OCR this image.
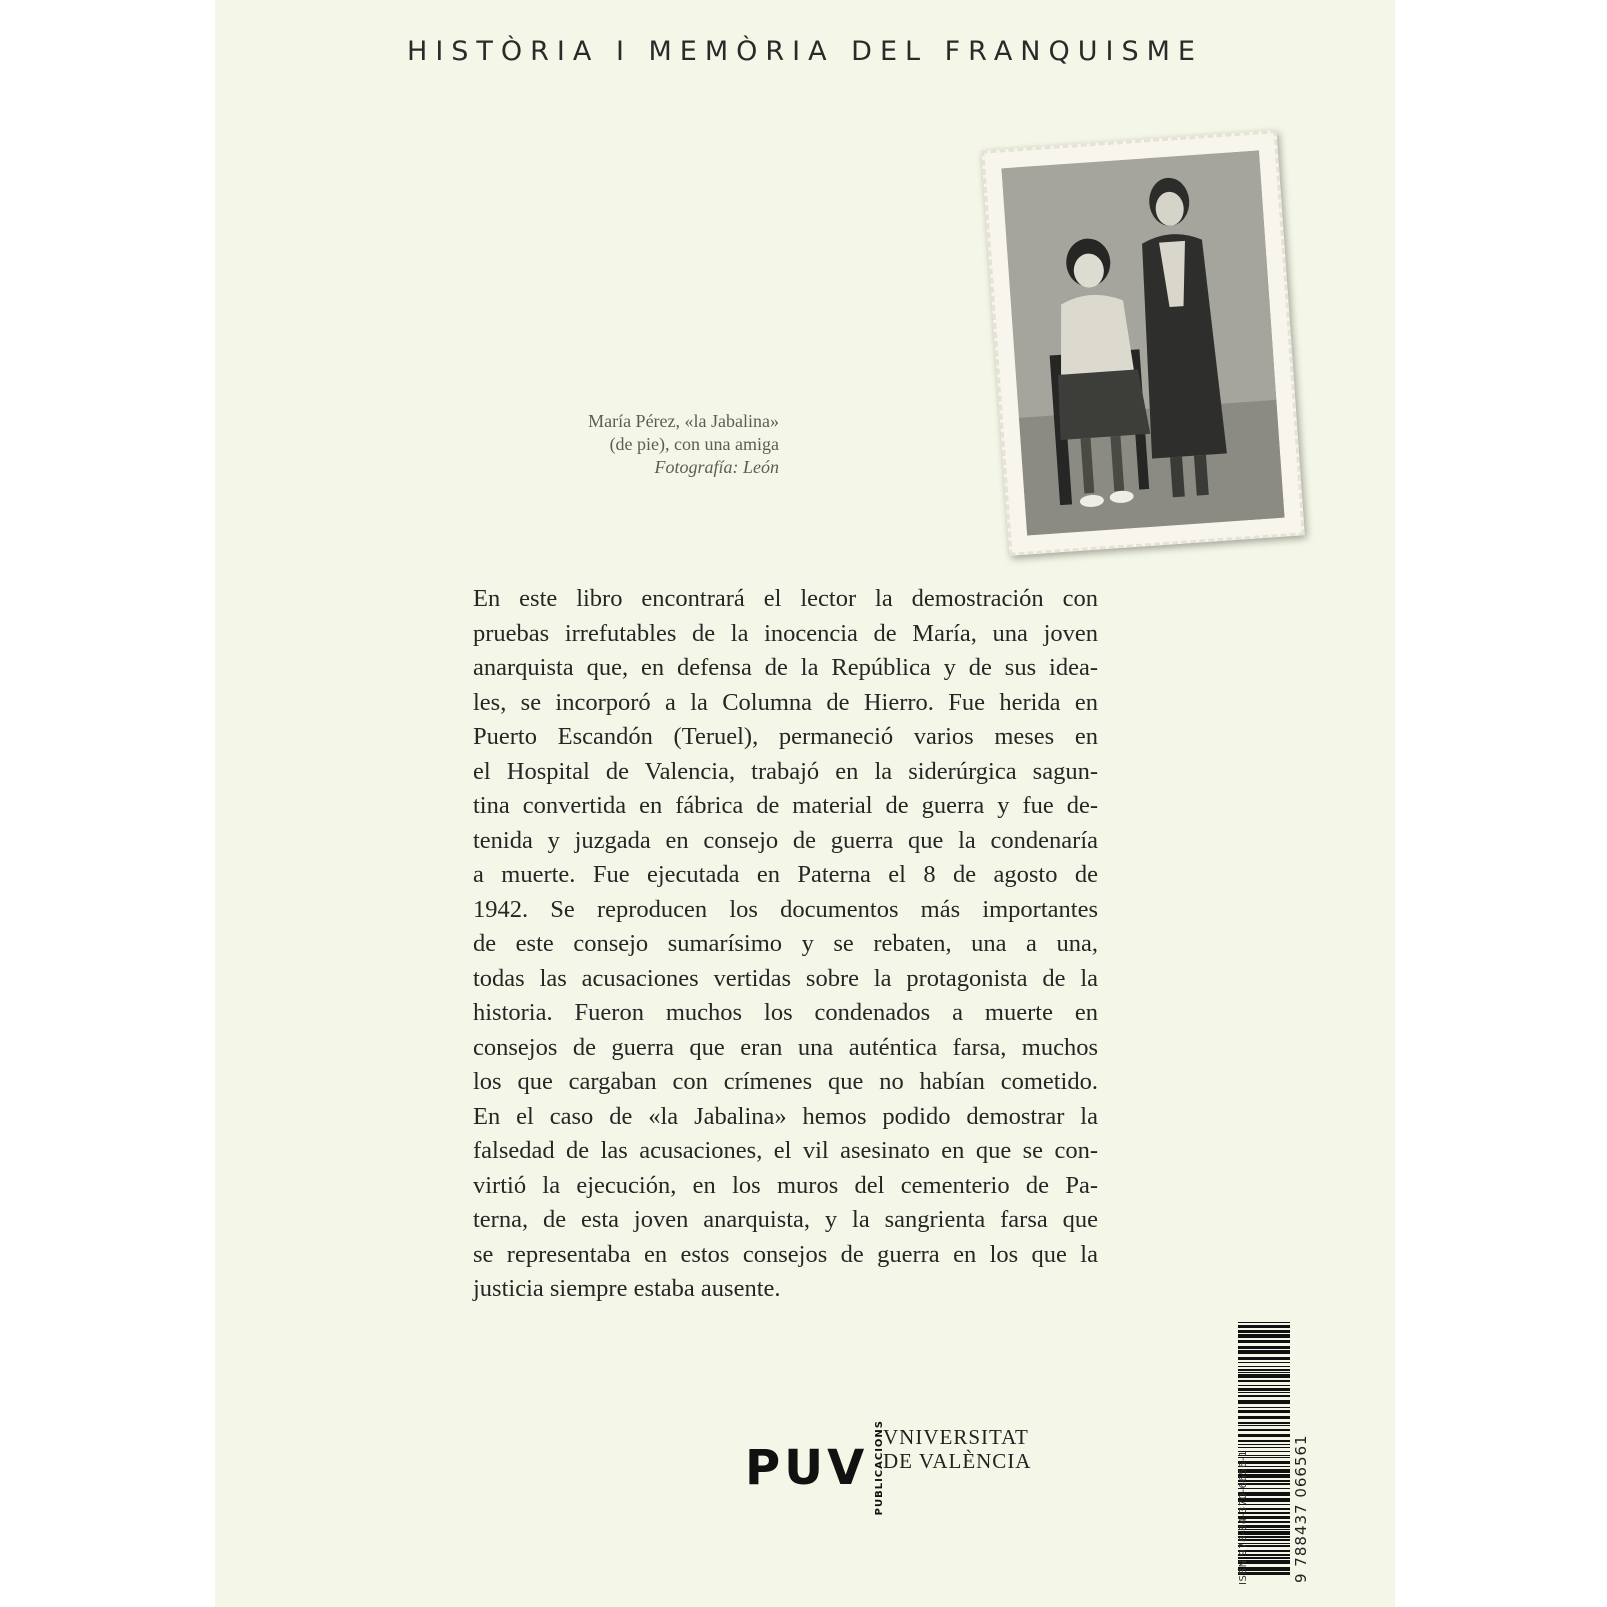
HISTÒRIA I MEMÒRIA DEL FRANQUISME
María Pérez, «la Jabalina»
(de pie), con una amiga
Fotografía: León
En este libro encontrará el lector la demostración con
pruebas irrefutables de la inocencia de María, una joven
anarquista que, en defensa de la República y de sus idea-
les, se incorporó a la Columna de Hierro. Fue herida en
Puerto Escandón (Teruel), permaneció varios meses en
el Hospital de Valencia, trabajó en la siderúrgica sagun-
tina convertida en fábrica de material de guerra y fue de-
tenida y juzgada en consejo de guerra que la condenaría
a muerte. Fue ejecutada en Paterna el 8 de agosto de
1942. Se reproducen los documentos más importantes
de este consejo sumarísimo y se rebaten, una a una,
todas las acusaciones vertidas sobre la protagonista de la
historia. Fueron muchos los condenados a muerte en
consejos de guerra que eran una auténtica farsa, muchos
los que cargaban con crímenes que no habían cometido.
En el caso de «la Jabalina» hemos podido demostrar la
falsedad de las acusaciones, el vil asesinato en que se con-
virtió la ejecución, en los muros del cementerio de Pa-
terna, de esta joven anarquista, y la sangrienta farsa que
se representaba en estos consejos de guerra en los que la
justicia siempre estaba ausente.
PUV PUBLICACIONS
VNIVERSITAT
DE VALÈNCIA	ISBN 978-84-370-6656-1	9 788437 066561
